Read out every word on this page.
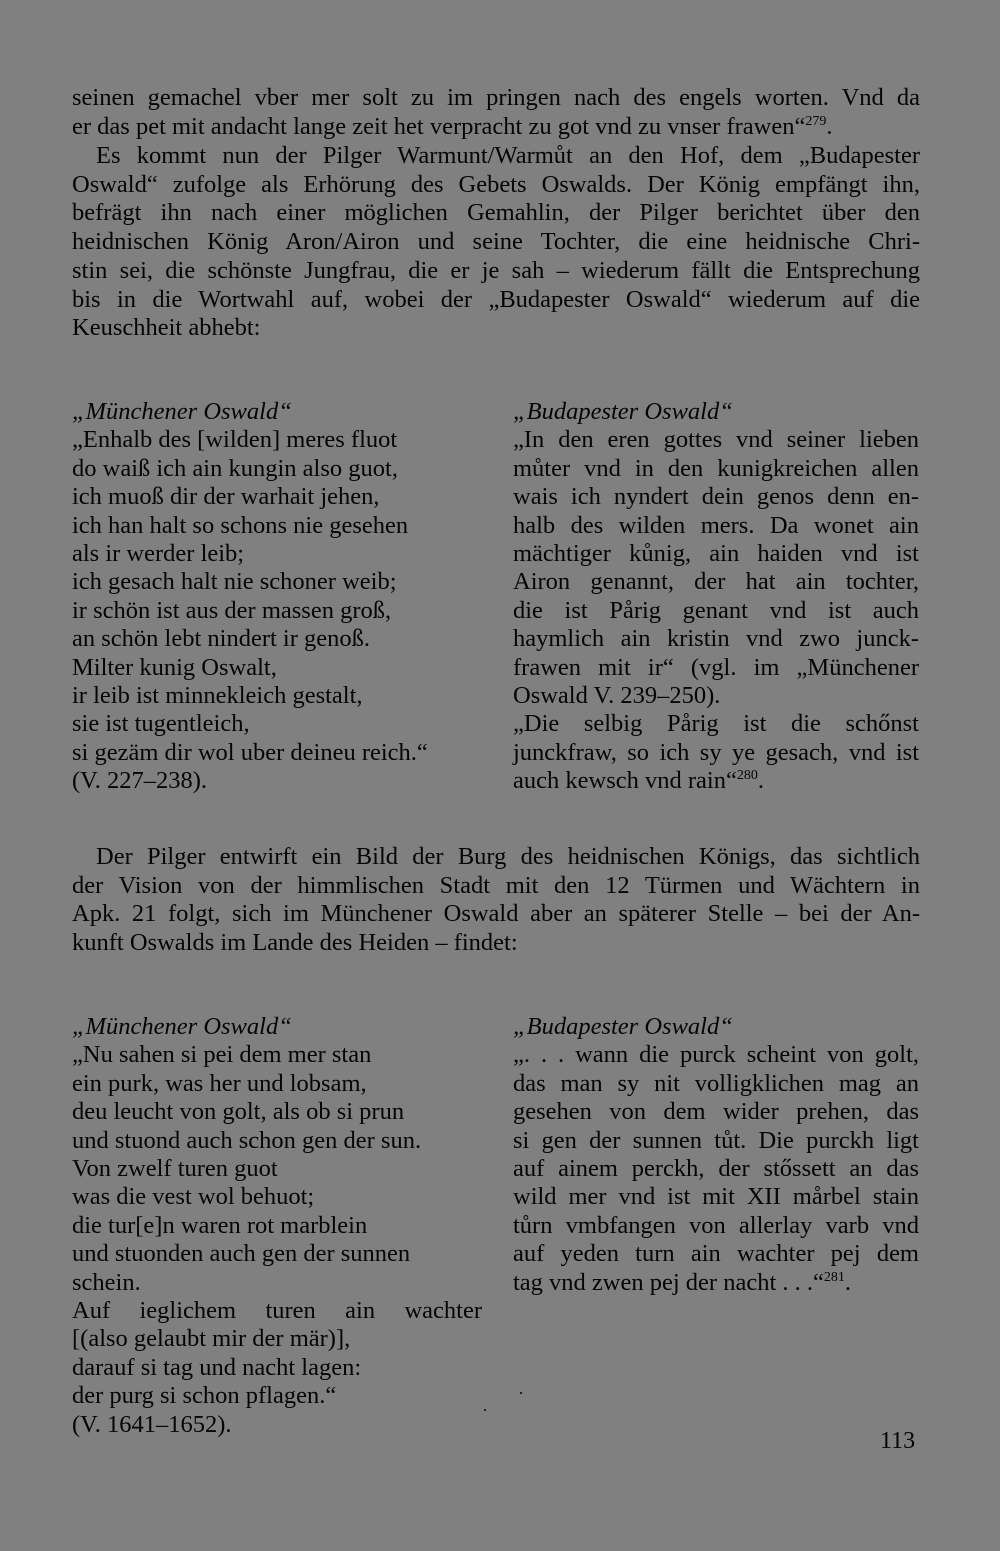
seinen gemachel vber mer solt zu im pringen nach des engels worten. Vnd da
er das pet mit andacht lange zeit het verpracht zu got vnd zu vnser frawen“$^{279}$.
Es kommt nun der Pilger Warmunt/Warmůt an den Hof, dem „Budapester
Oswald“ zufolge als Erhörung des Gebets Oswalds. Der König empfängt ihn,
befrägt ihn nach einer möglichen Gemahlin, der Pilger berichtet über den
heidnischen König Aron/Airon und seine Tochter, die eine heidnische Chri-
stin sei, die schönste Jungfrau, die er je sah – wiederum fällt die Entsprechung
bis in die Wortwahl auf, wobei der „Budapester Oswald“ wiederum auf die
Keuschheit abhebt:
„Münchener Oswald“
„Enhalb des [wilden] meres fluot
do waiß ich ain kungin also guot,
ich muoß dir der warhait jehen,
ich han halt so schons nie gesehen
als ir werder leib;
ich gesach halt nie schoner weib;
ir schön ist aus der massen groß,
an schön lebt nindert ir genoß.
Milter kunig Oswalt,
ir leib ist minnekleich gestalt,
sie ist tugentleich,
si gezäm dir wol uber deineu reich.“
(V. 227–238).
„Budapester Oswald“
„In den eren gottes vnd seiner lieben
můter vnd in den kunigkreichen allen
wais ich nyndert dein genos denn en-
halb des wilden mers. Da wonet ain
mächtiger kůnig, ain haiden vnd ist
Airon genannt, der hat ain tochter,
die ist Pårig genant vnd ist auch
haymlich ain kristin vnd zwo junck-
frawen mit ir“ (vgl. im „Münchener
Oswald V. 239–250).
„Die selbig Pårig ist die schőnst
junckfraw, so ich sy ye gesach, vnd ist
auch kewsch vnd rain“$^{280}$.
Der Pilger entwirft ein Bild der Burg des heidnischen Königs, das sichtlich
der Vision von der himmlischen Stadt mit den 12 Türmen und Wächtern in
Apk. 21 folgt, sich im Münchener Oswald aber an späterer Stelle – bei der An-
kunft Oswalds im Lande des Heiden – findet:
„Münchener Oswald“
„Nu sahen si pei dem mer stan
ein purk, was her und lobsam,
deu leucht von golt, als ob si prun
und stuond auch schon gen der sun.
Von zwelf turen guot
was die vest wol behuot;
die tur[e]n waren rot marblein
und stuonden auch gen der sunnen
schein.
Auf ieglichem turen ain wachter
[(also gelaubt mir der mär)],
darauf si tag und nacht lagen:
der purg si schon pflagen.“
(V. 1641–1652).
„Budapester Oswald“
„. . . wann die purck scheint von golt,
das man sy nit volligklichen mag an
gesehen von dem wider prehen, das
si gen der sunnen tůt. Die purckh ligt
auf ainem perckh, der stőssett an das
wild mer vnd ist mit XII mårbel stain
tůrn vmbfangen von allerlay varb vnd
auf yeden turn ain wachter pej dem
tag vnd zwen pej der nacht . . .“$^{281}$.
113
